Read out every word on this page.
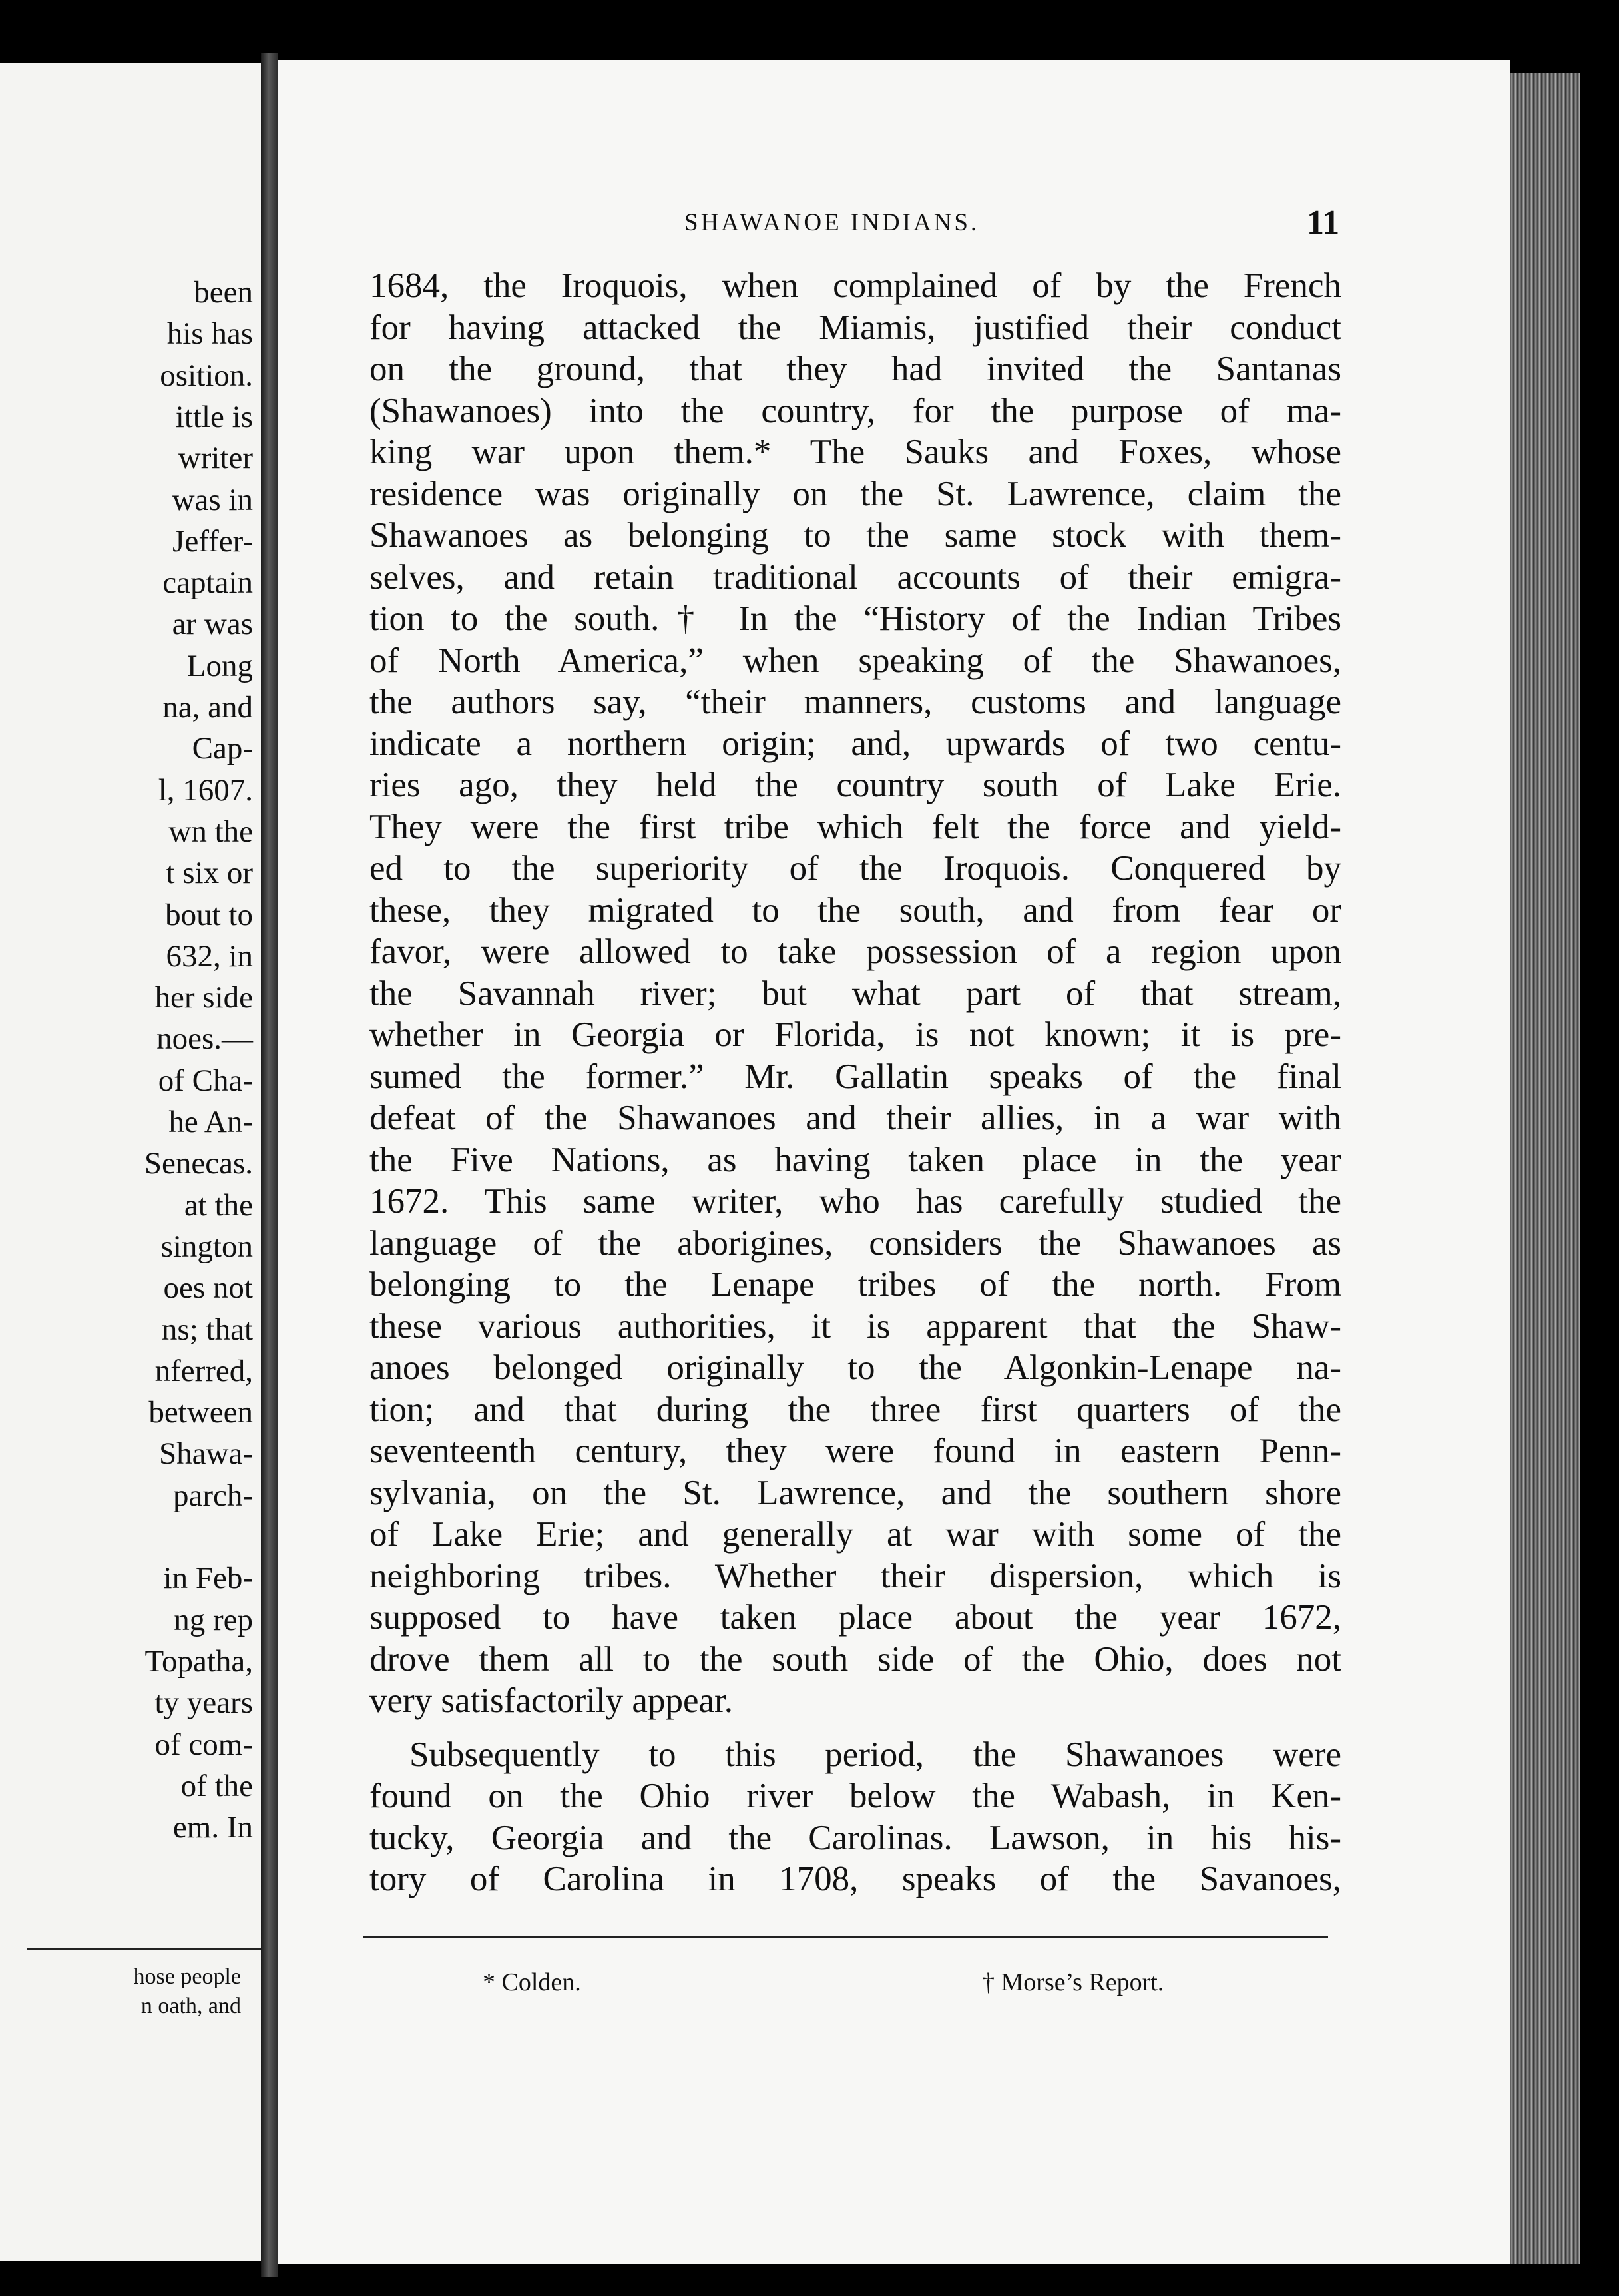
been
his has
osition.
ittle is
writer
was in
Jeffer-
captain
ar was
Long
na, and
Cap-
l, 1607.
wn the
t six or
bout to
632, in
her side
noes.—
of Cha-
he An-
Senecas.
at the
sington
oes not
ns; that
nferred,
between
Shawa-
parch-
in Feb-
ng rep
Topatha,
ty years
of com-
of the
em. In
hose people
n oath, and
SHAWANOE INDIANS.	11
1684, the Iroquois, when complained of by the French
for having attacked the Miamis, justified their conduct
on the ground, that they had invited the Santanas
(Shawanoes) into the country, for the purpose of ma-
king war upon them.* The Sauks and Foxes, whose
residence was originally on the St. Lawrence, claim the
Shawanoes as belonging to the same stock with them-
selves, and retain traditional accounts of their emigra-
tion to the south.† In the “History of the Indian Tribes
of North America,” when speaking of the Shawanoes,
the authors say, “their manners, customs and language
indicate a northern origin; and, upwards of two centu-
ries ago, they held the country south of Lake Erie.
They were the first tribe which felt the force and yield-
ed to the superiority of the Iroquois. Conquered by
these, they migrated to the south, and from fear or
favor, were allowed to take possession of a region upon
the Savannah river; but what part of that stream,
whether in Georgia or Florida, is not known; it is pre-
sumed the former.” Mr. Gallatin speaks of the final
defeat of the Shawanoes and their allies, in a war with
the Five Nations, as having taken place in the year
1672. This same writer, who has carefully studied the
language of the aborigines, considers the Shawanoes as
belonging to the Lenape tribes of the north. From
these various authorities, it is apparent that the Shaw-
anoes belonged originally to the Algonkin-Lenape na-
tion; and that during the three first quarters of the
seventeenth century, they were found in eastern Penn-
sylvania, on the St. Lawrence, and the southern shore
of Lake Erie; and generally at war with some of the
neighboring tribes. Whether their dispersion, which is
supposed to have taken place about the year 1672,
drove them all to the south side of the Ohio, does not
very satisfactorily appear.
Subsequently to this period, the Shawanoes were
found on the Ohio river below the Wabash, in Ken-
tucky, Georgia and the Carolinas. Lawson, in his his-
tory of Carolina in 1708, speaks of the Savanoes,
* Colden.	† Morse’s Report.
